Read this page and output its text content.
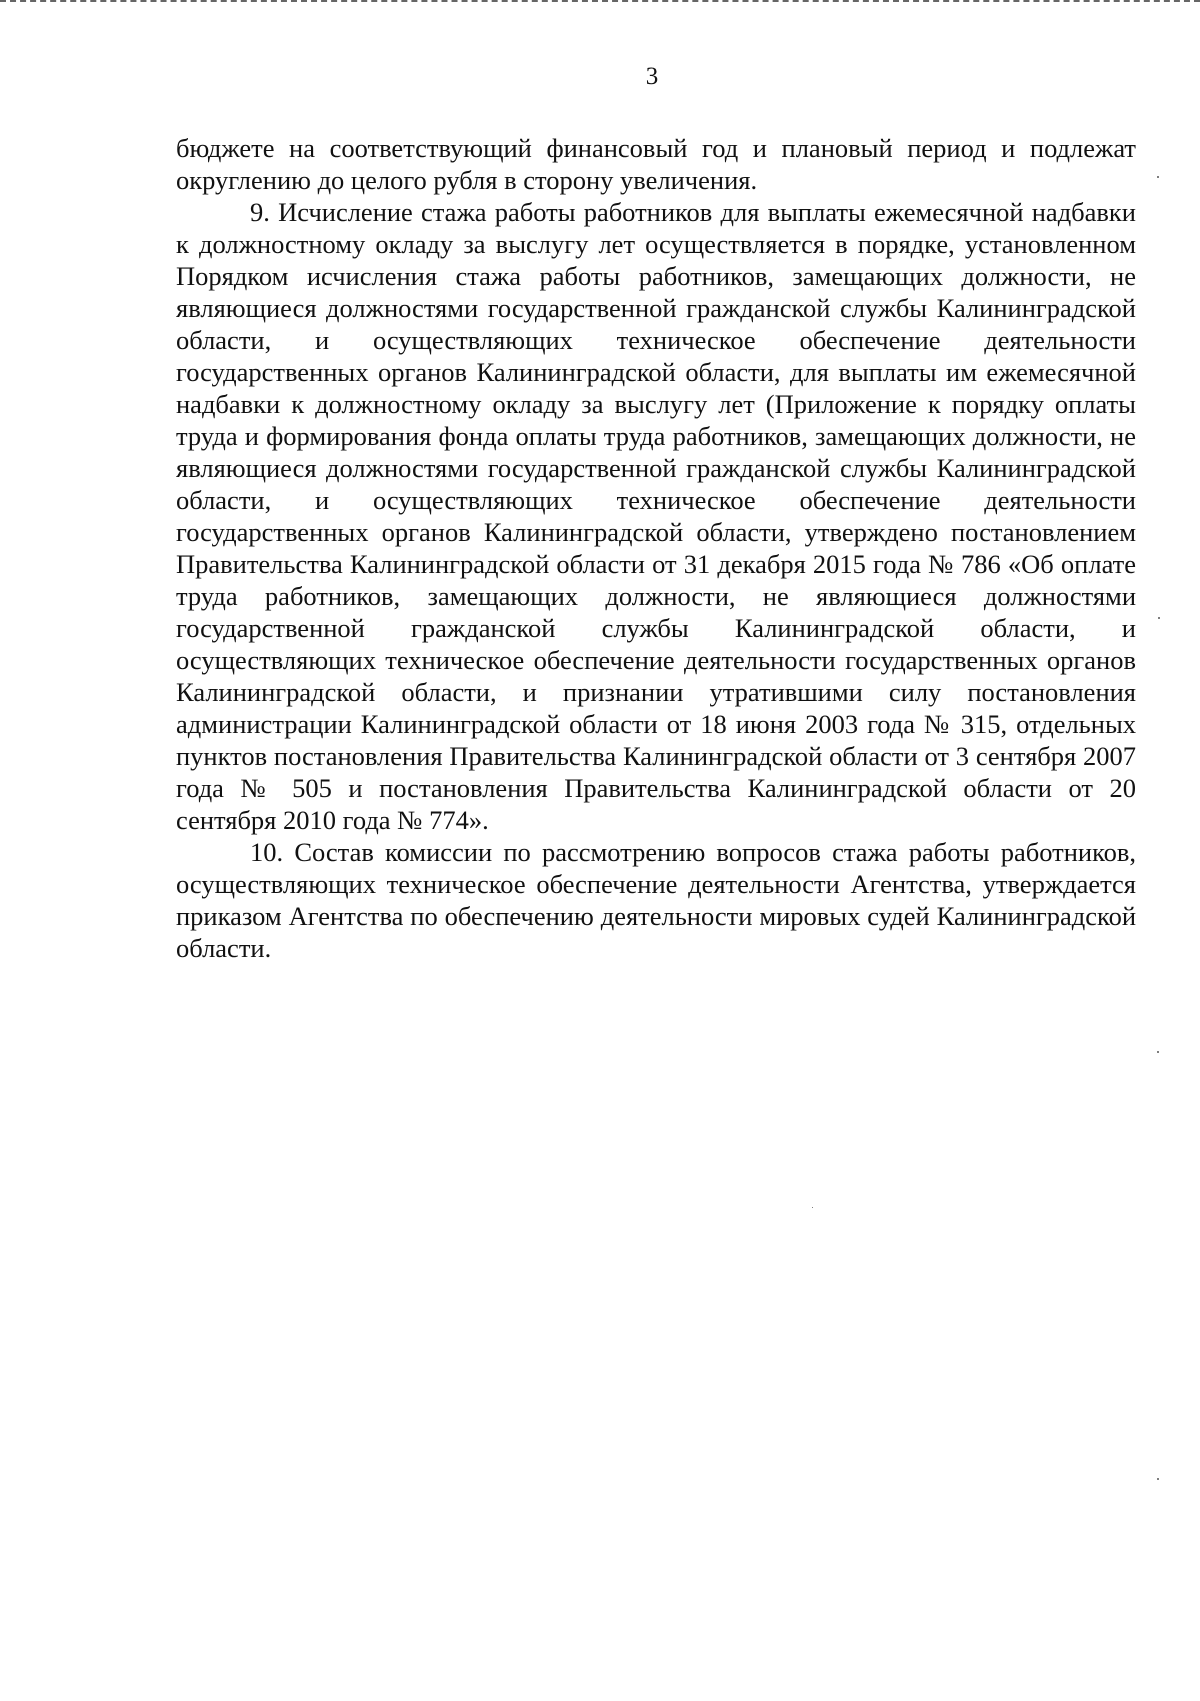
3

бюджете на соответствующий финансовый год и плановый период и подлежат округлению до целого рубля в сторону увеличения.

9. Исчисление стажа работы работников для выплаты ежемесячной надбавки к должностному окладу за выслугу лет осуществляется в порядке, установленном Порядком исчисления стажа работы работников, замещающих должности, не являющиеся должностями государственной гражданской службы Калининградской области, и осуществляющих техническое обеспечение деятельности государственных органов Калининградской области, для выплаты им ежемесячной надбавки к должностному окладу за выслугу лет (Приложение к порядку оплаты труда и формирования фонда оплаты труда работников, замещающих должности, не являющиеся должностями государственной гражданской службы Калининградской области, и осуществляющих техническое обеспечение деятельности государственных органов Калининградской области, утверждено постановлением Правительства Калининградской области от 31 декабря 2015 года № 786 «Об оплате труда работников, замещающих должности, не являющиеся должностями государственной гражданской службы Калининградской области, и осуществляющих техническое обеспечение деятельности государственных органов Калининградской области, и признании утратившими силу постановления администрации Калининградской области от 18 июня 2003 года № 315, отдельных пунктов постановления Правительства Калининградской области от 3 сентября 2007 года № 505 и постановления Правительства Калининградской области от 20 сентября 2010 года № 774».

10. Состав комиссии по рассмотрению вопросов стажа работы работников, осуществляющих техническое обеспечение деятельности Агентства, утверждается приказом Агентства по обеспечению деятельности мировых судей Калининградской области.
